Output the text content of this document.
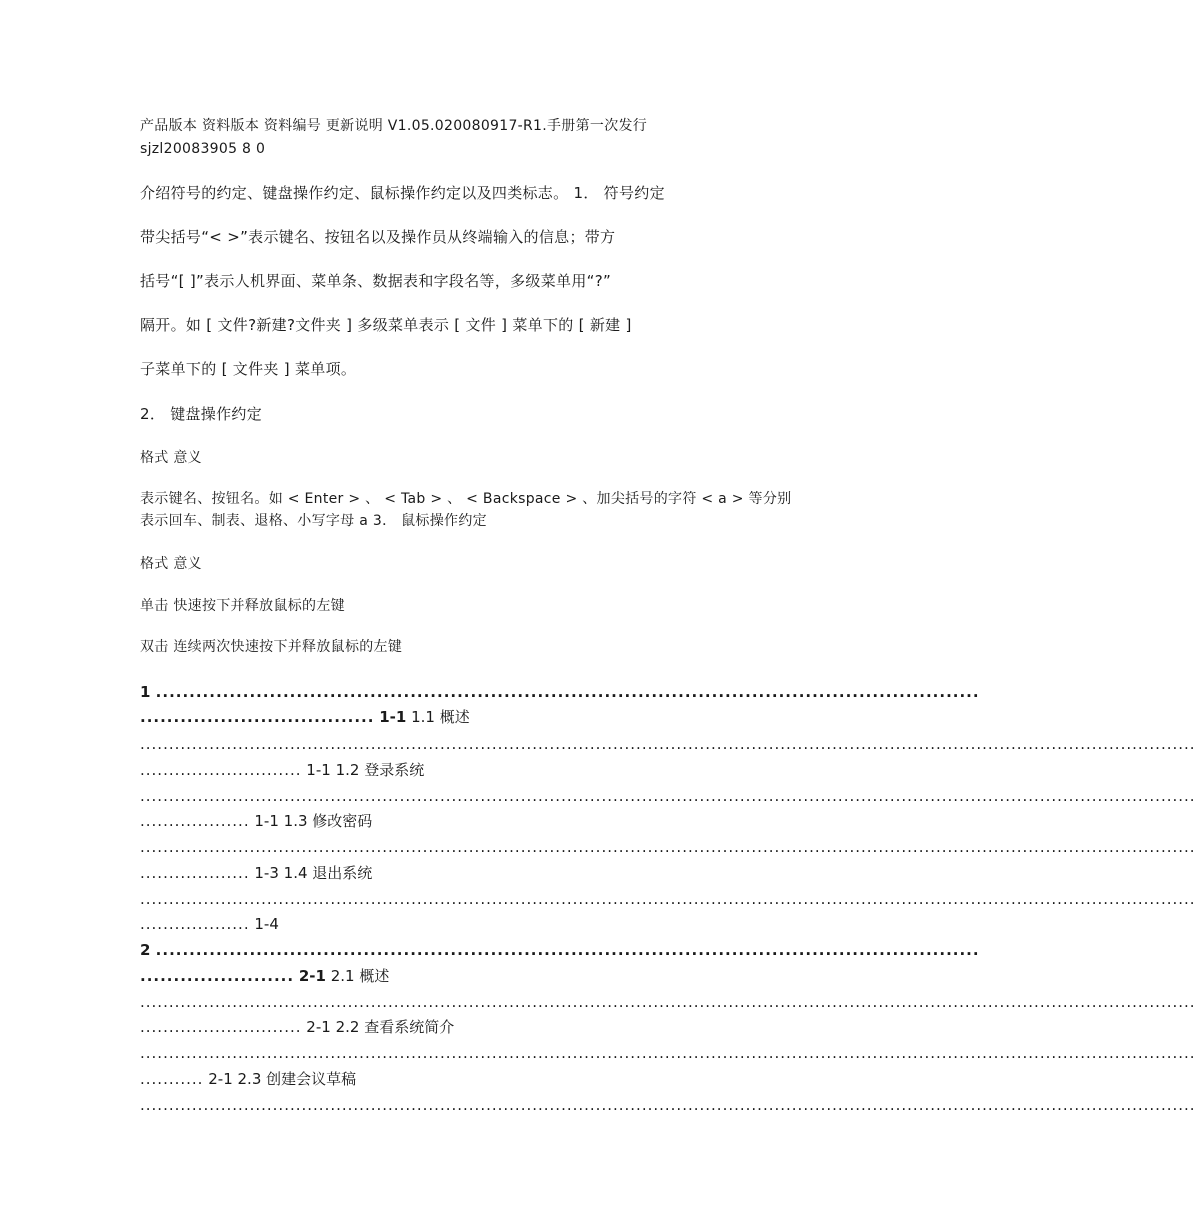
产品版本 资料版本 资料编号 更新说明 V1.05.020080917-R1.手册第一次发行

sjzl20083905 8 0

介绍符号的约定、键盘操作约定、鼠标操作约定以及四类标志。 1． 符号约定

带尖括号“< >”表示键名、按钮名以及操作员从终端输入的信息；带方

括号“[ ]”表示人机界面、菜单条、数据表和字段名等，多级菜单用“?”

隔开。如 [ 文件?新建?文件夹 ] 多级菜单表示 [ 文件 ] 菜单下的 [ 新建 ]

子菜单下的 [ 文件夹 ] 菜单项。

2． 键盘操作约定

格式 意义

表示键名、按钮名。如 < Enter > 、 < Tab > 、 < Backspace > 、加尖括号的字符 < a > 等分别

表示回车、制表、退格、小写字母 a 3． 鼠标操作约定

格式 意义

单击 快速按下并释放鼠标的左键

双击 连续两次快速按下并释放鼠标的左键

1 ...........................................................................................................................
................................... 1-1 1.1 概述
.......................................................................................................................................................................................
............................ 1-1 1.2 登录系统
.......................................................................................................................................................................................
................... 1-1 1.3 修改密码
.......................................................................................................................................................................................
................... 1-3 1.4 退出系统
.......................................................................................................................................................................................
................... 1-4
2 ...........................................................................................................................
....................... 2-1 2.1 概述
.......................................................................................................................................................................................
............................ 2-1 2.2 查看系统简介
.......................................................................................................................................................................................
........... 2-1 2.3 创建会议草稿
.......................................................................................................................................................................................
